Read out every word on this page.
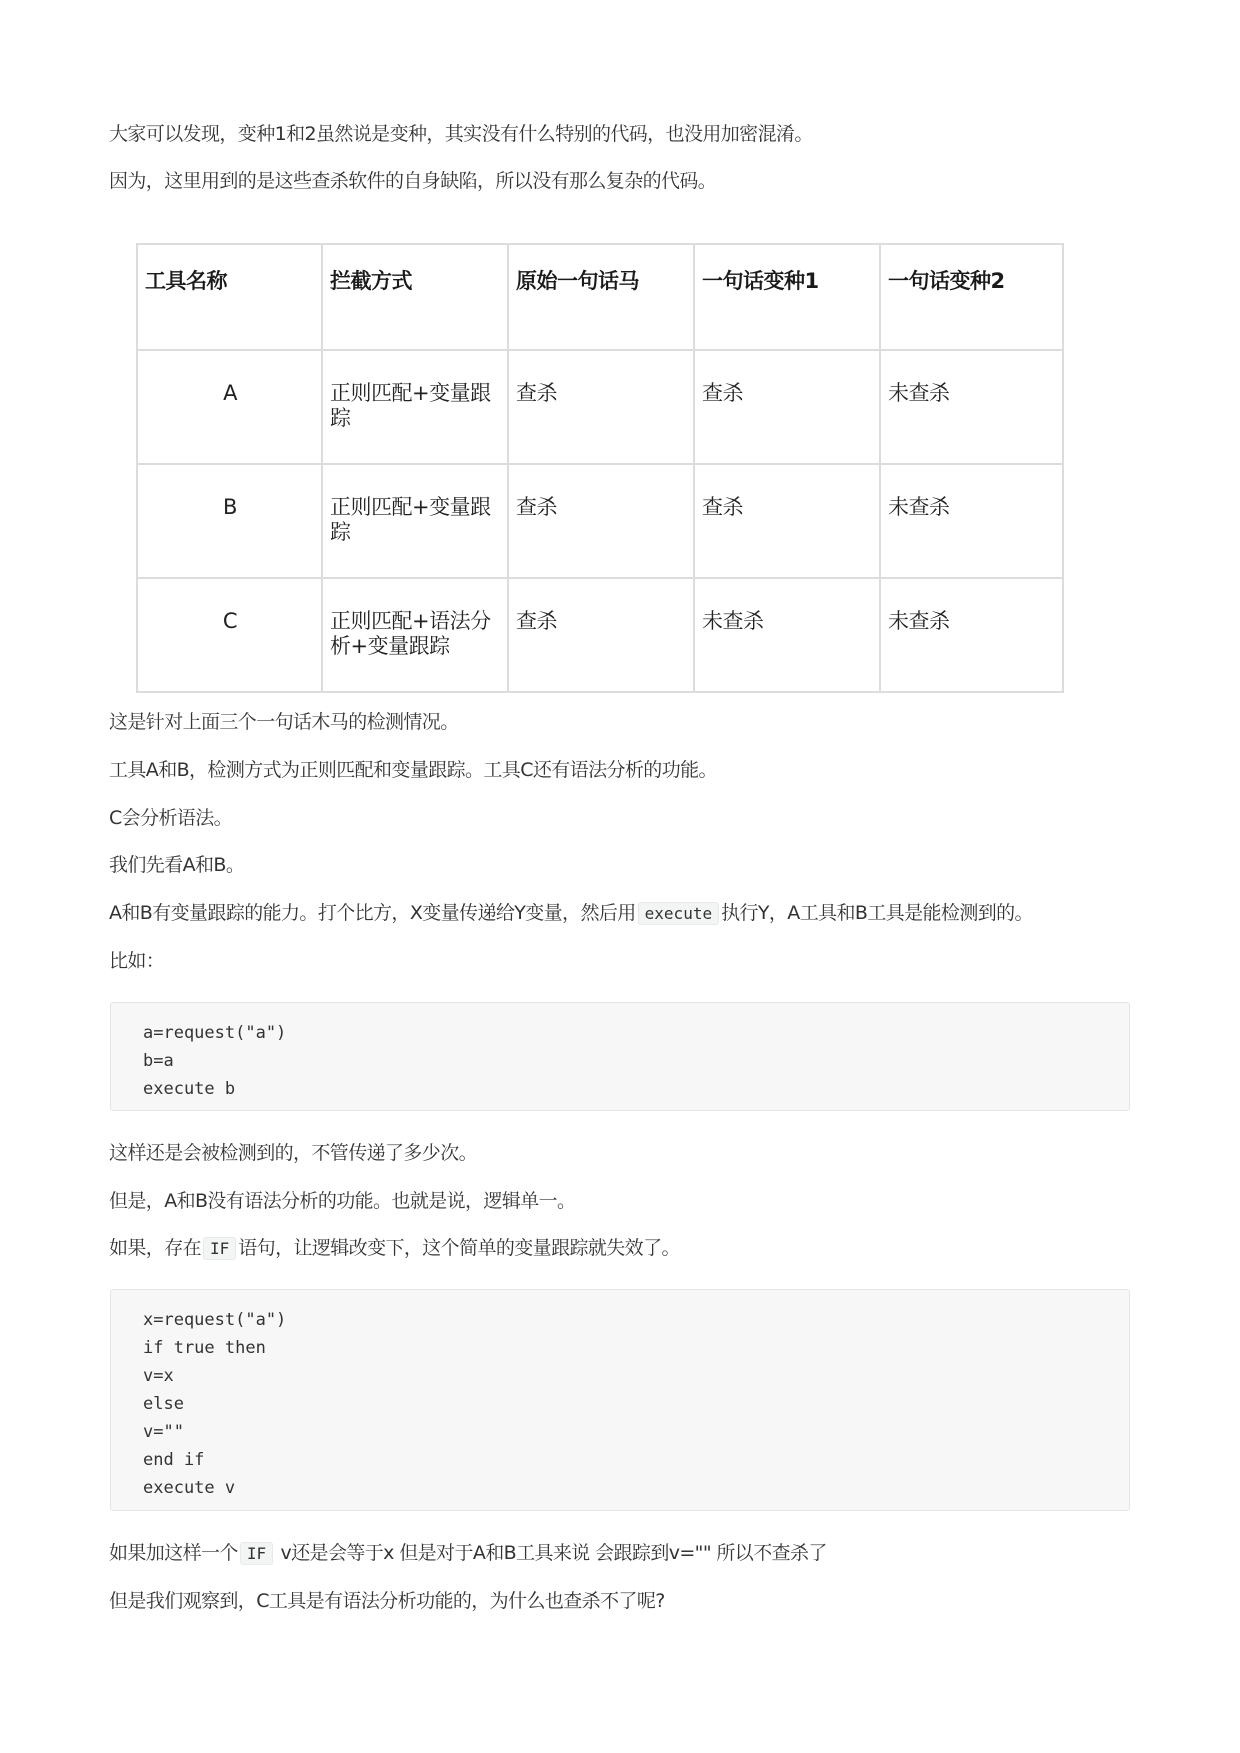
大家可以发现，变种1和2虽然说是变种，其实没有什么特别的代码，也没用加密混淆。
因为，这里用到的是这些查杀软件的自身缺陷，所以没有那么复杂的代码。
工具名称	拦截方式	原始一句话马	一句话变种1	一句话变种2
A	正则匹配+变量跟踪	查杀	查杀	未查杀
B	正则匹配+变量跟踪	查杀	查杀	未查杀
C	正则匹配+语法分析+变量跟踪	查杀	未查杀	未查杀
这是针对上面三个一句话木马的检测情况。
工具A和B，检测方式为正则匹配和变量跟踪。工具C还有语法分析的功能。
C会分析语法。
我们先看A和B。
A和B有变量跟踪的能力。打个比方，X变量传递给Y变量，然后用 execute 执行Y，A工具和B工具是能检测到的。
比如：
a=request("a")
b=a
execute b
这样还是会被检测到的，不管传递了多少次。
但是，A和B没有语法分析的功能。也就是说，逻辑单一。
如果，存在 IF 语句，让逻辑改变下，这个简单的变量跟踪就失效了。
x=request("a")
if true then
v=x
else
v=""
end if
execute v
如果加这样一个 IF v还是会等于x 但是对于A和B工具来说 会跟踪到v="" 所以不查杀了
但是我们观察到，C工具是有语法分析功能的，为什么也查杀不了呢?
